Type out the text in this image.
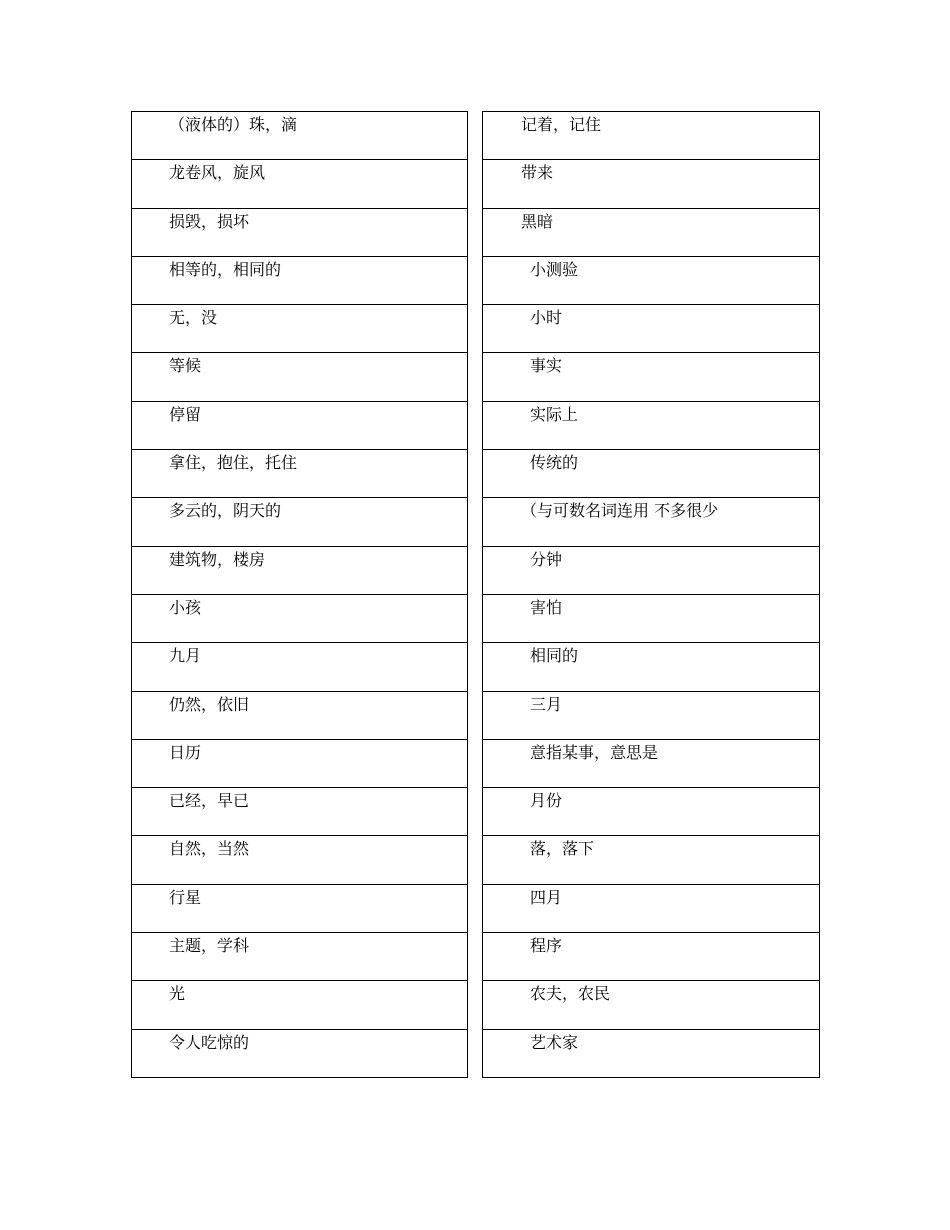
（液体的）珠，滴

龙卷风，旋风

损毁，损坏

相等的，相同的

无，没

等候

停留

拿住，抱住，托住

多云的，阴天的

建筑物，楼房

小孩

九月

仍然，依旧

日历

已经，早已

自然，当然

行星

主题，学科

光

令人吃惊的
记着，记住

带来

黑暗

小测验

小时

事实

实际上

传统的

（与可数名词连用 不多很少

分钟

害怕

相同的

三月

意指某事，意思是

月份

落，落下

四月

程序

农夫，农民

艺术家
